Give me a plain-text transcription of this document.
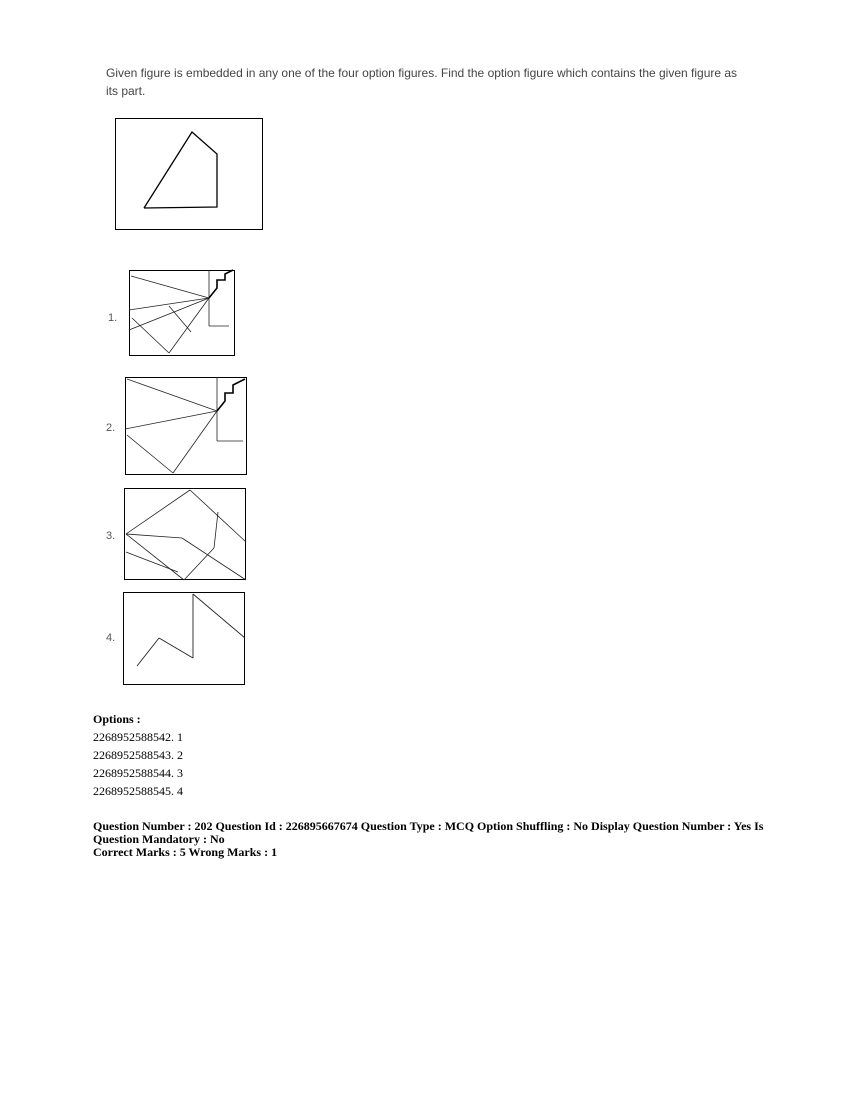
Given figure is embedded in any one of the four option figures. Find the option figure which contains the given figure as its part.
1.
2.
3.
4.
Options :
2268952588542. 1
2268952588543. 2
2268952588544. 3
2268952588545. 4
Question Number : 202 Question Id : 226895667674 Question Type : MCQ Option Shuffling : No Display Question Number : Yes Is Question Mandatory : No
Correct Marks : 5 Wrong Marks : 1
